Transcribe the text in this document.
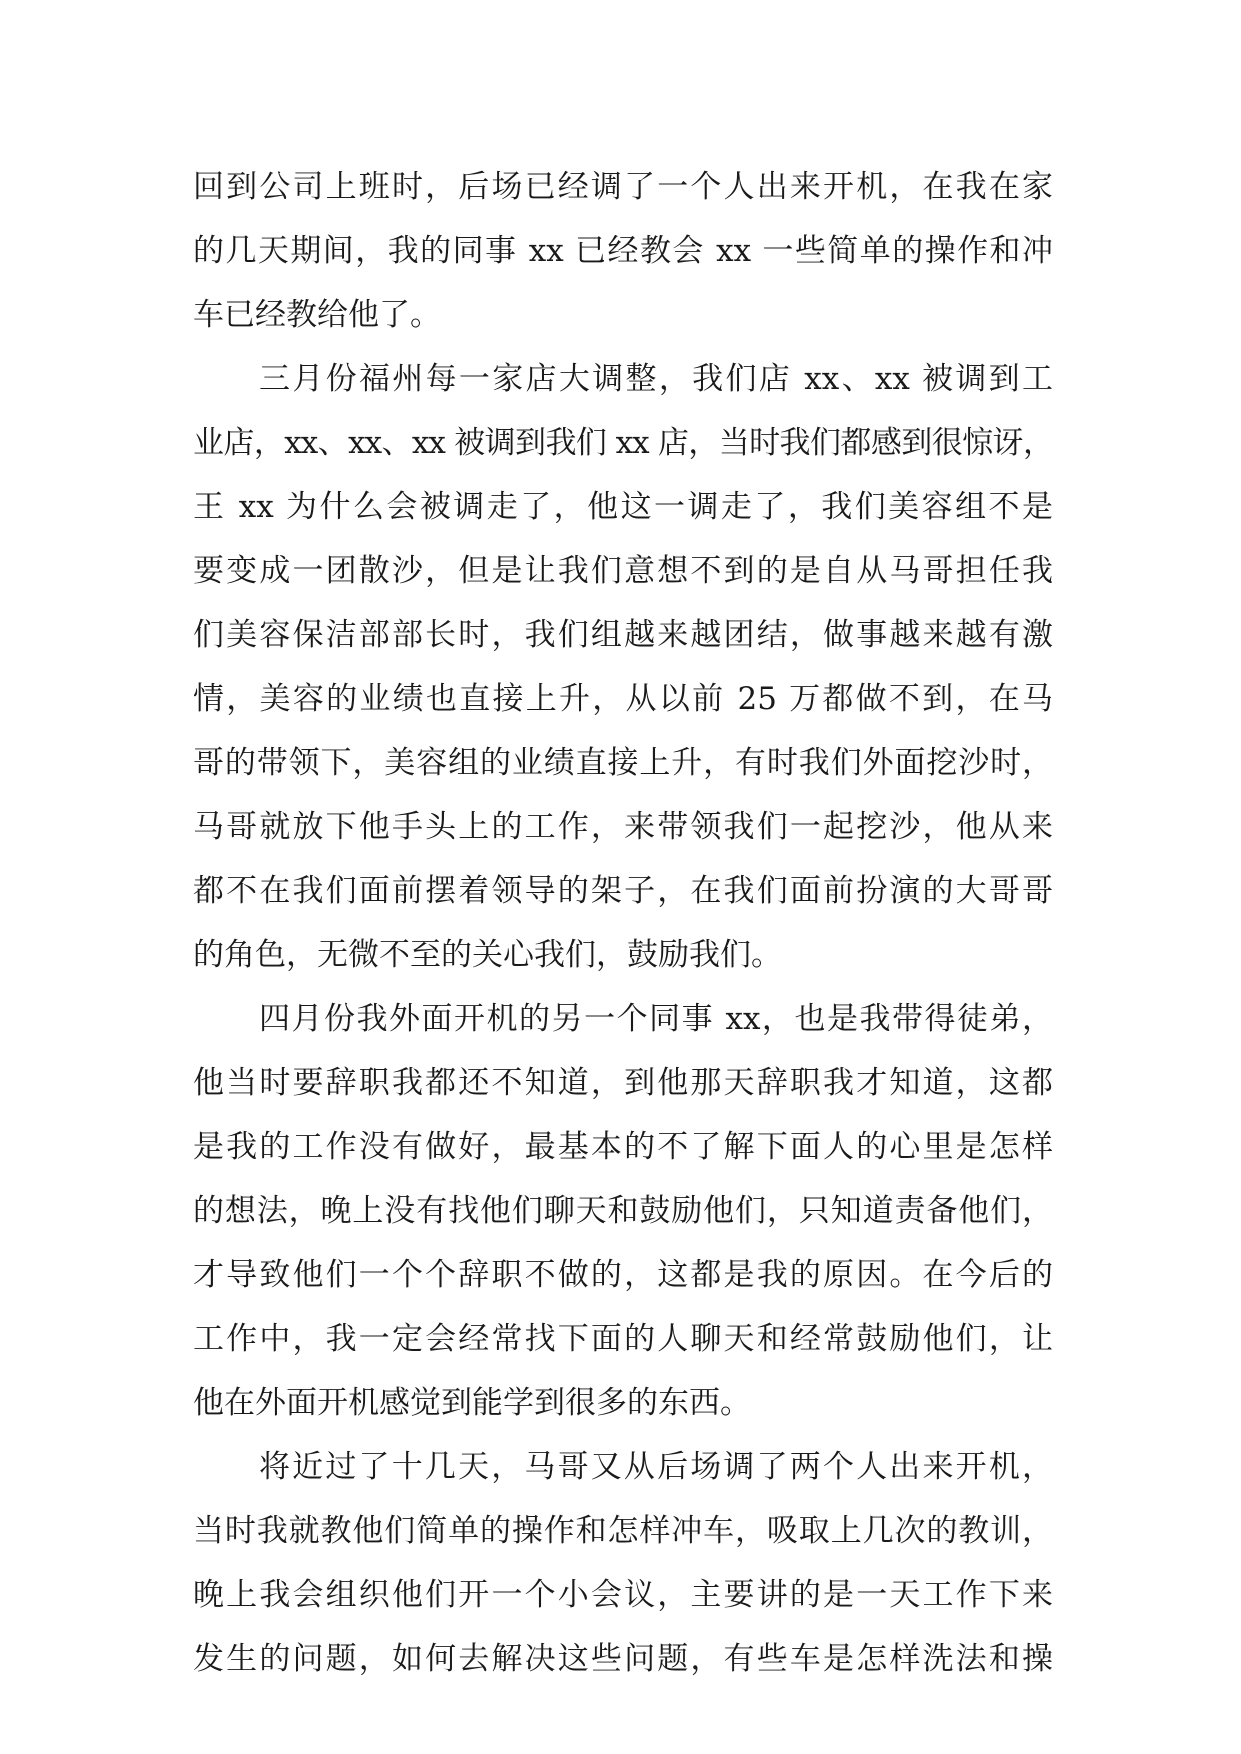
回到公司上班时，后场已经调了一个人出来开机，在我在家
的几天期间，我的同事 xx 已经教会 xx 一些简单的操作和冲
车已经教给他了。
三月份福州每一家店大调整，我们店 xx、xx 被调到工
业店，xx、xx、xx 被调到我们 xx 店，当时我们都感到很惊讶，
王 xx 为什么会被调走了，他这一调走了，我们美容组不是
要变成一团散沙，但是让我们意想不到的是自从马哥担任我
们美容保洁部部长时，我们组越来越团结，做事越来越有激
情，美容的业绩也直接上升，从以前 25 万都做不到，在马
哥的带领下，美容组的业绩直接上升，有时我们外面挖沙时，
马哥就放下他手头上的工作，来带领我们一起挖沙，他从来
都不在我们面前摆着领导的架子，在我们面前扮演的大哥哥
的角色，无微不至的关心我们，鼓励我们。
四月份我外面开机的另一个同事 xx，也是我带得徒弟，
他当时要辞职我都还不知道，到他那天辞职我才知道，这都
是我的工作没有做好，最基本的不了解下面人的心里是怎样
的想法，晚上没有找他们聊天和鼓励他们，只知道责备他们，
才导致他们一个个辞职不做的，这都是我的原因。在今后的
工作中，我一定会经常找下面的人聊天和经常鼓励他们，让
他在外面开机感觉到能学到很多的东西。
将近过了十几天，马哥又从后场调了两个人出来开机，
当时我就教他们简单的操作和怎样冲车，吸取上几次的教训，
晚上我会组织他们开一个小会议，主要讲的是一天工作下来
发生的问题，如何去解决这些问题，有些车是怎样洗法和操
